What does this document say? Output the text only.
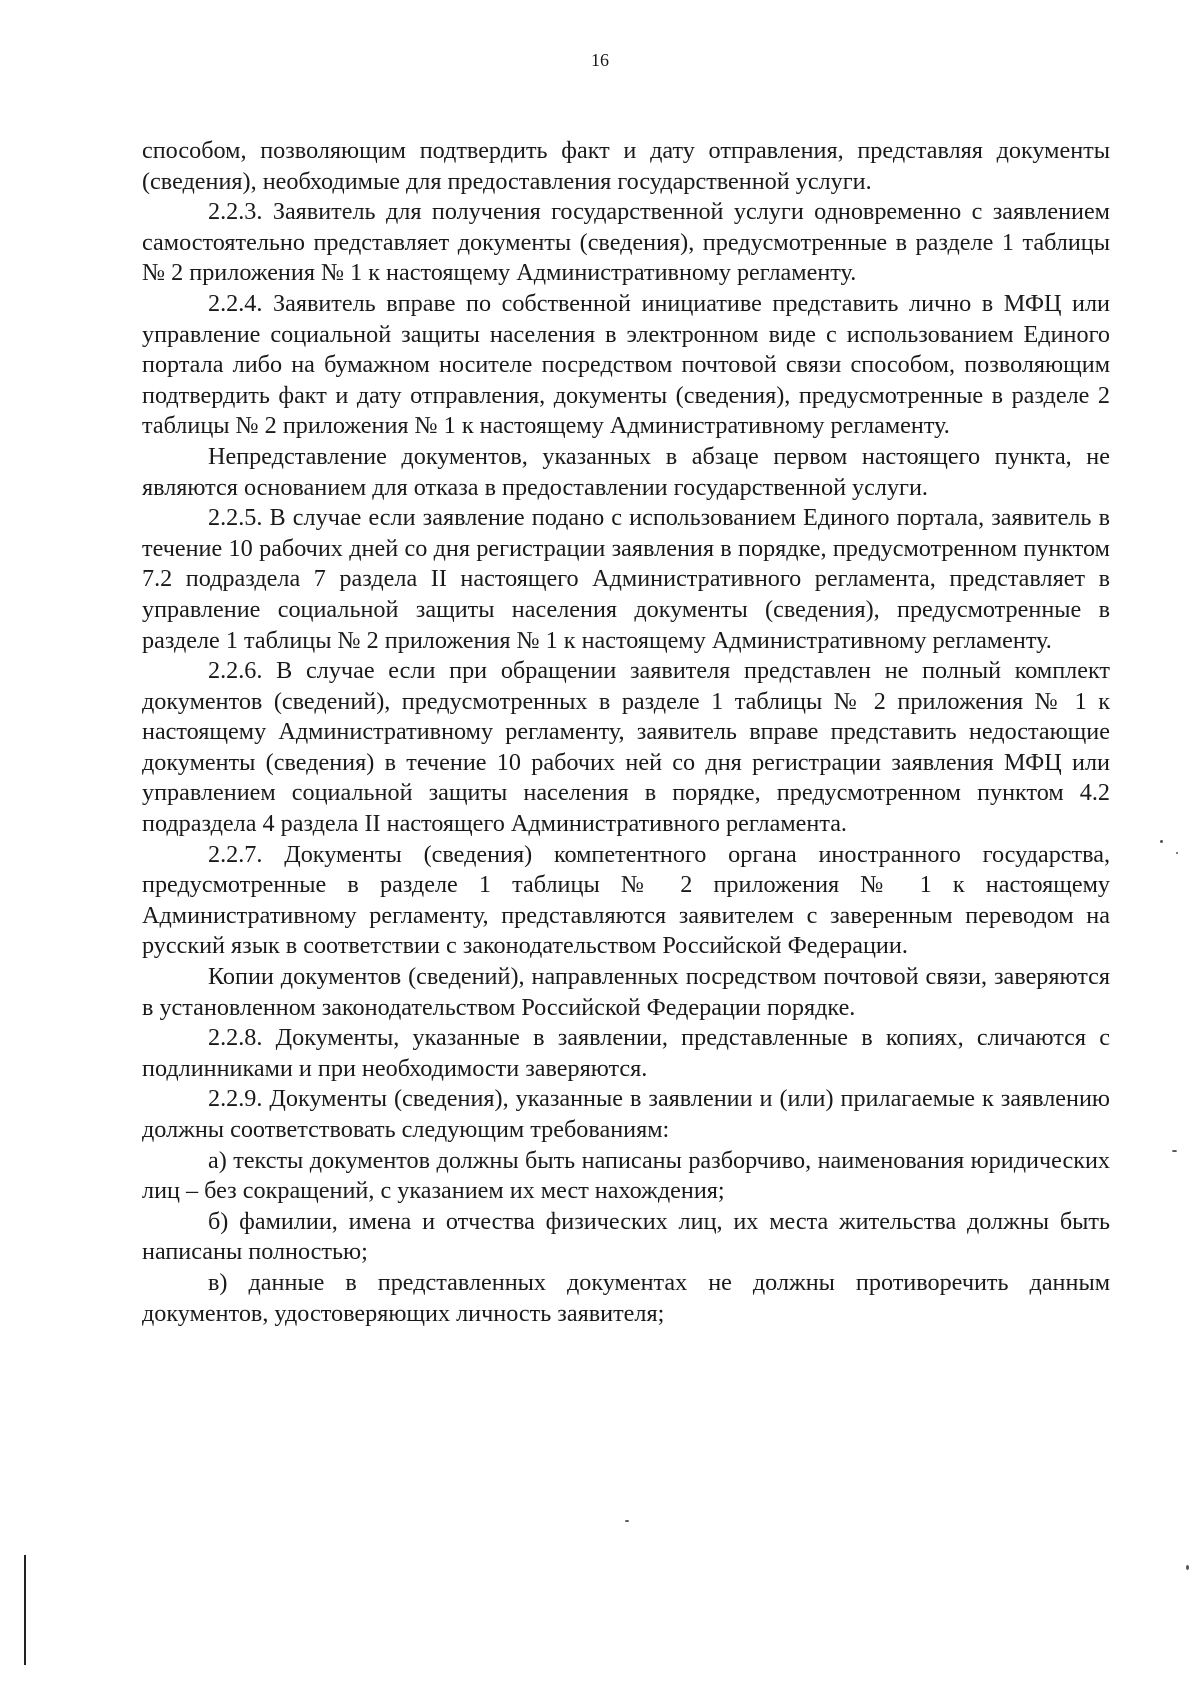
16

способом, позволяющим подтвердить факт и дату отправления, представляя документы (сведения), необходимые для предоставления государственной услуги.

2.2.3. Заявитель для получения государственной услуги одновременно с заявлением самостоятельно представляет документы (сведения), предусмотренные в разделе 1 таблицы № 2 приложения № 1 к настоящему Административному регламенту.

2.2.4. Заявитель вправе по собственной инициативе представить лично в МФЦ или управление социальной защиты населения в электронном виде с использованием Единого портала либо на бумажном носителе посредством почтовой связи способом, позволяющим подтвердить факт и дату отправления, документы (сведения), предусмотренные в разделе 2 таблицы № 2 приложения № 1 к настоящему Административному регламенту.

Непредставление документов, указанных в абзаце первом настоящего пункта, не являются основанием для отказа в предоставлении государственной услуги.

2.2.5. В случае если заявление подано с использованием Единого портала, заявитель в течение 10 рабочих дней со дня регистрации заявления в порядке, предусмотренном пунктом 7.2 подраздела 7 раздела II настоящего Административного регламента, представляет в управление социальной защиты населения документы (сведения), предусмотренные в разделе 1 таблицы № 2 приложения № 1 к настоящему Административному регламенту.

2.2.6. В случае если при обращении заявителя представлен не полный комплект документов (сведений), предусмотренных в разделе 1 таблицы № 2 приложения № 1 к настоящему Административному регламенту, заявитель вправе представить недостающие документы (сведения) в течение 10 рабочих ней со дня регистрации заявления МФЦ или управлением социальной защиты населения в порядке, предусмотренном пунктом 4.2 подраздела 4 раздела II настоящего Административного регламента.

2.2.7. Документы (сведения) компетентного органа иностранного государства, предусмотренные в разделе 1 таблицы № 2 приложения № 1 к настоящему Административному регламенту, представляются заявителем с заверенным переводом на русский язык в соответствии с законодательством Российской Федерации.

Копии документов (сведений), направленных посредством почтовой связи, заверяются в установленном законодательством Российской Федерации порядке.

2.2.8. Документы, указанные в заявлении, представленные в копиях, сличаются с подлинниками и при необходимости заверяются.

2.2.9. Документы (сведения), указанные в заявлении и (или) прилагаемые к заявлению должны соответствовать следующим требованиям:

а) тексты документов должны быть написаны разборчиво, наименования юридических лиц – без сокращений, с указанием их мест нахождения;

б) фамилии, имена и отчества физических лиц, их места жительства должны быть написаны полностью;

в) данные в представленных документах не должны противоречить данным документов, удостоверяющих личность заявителя;
